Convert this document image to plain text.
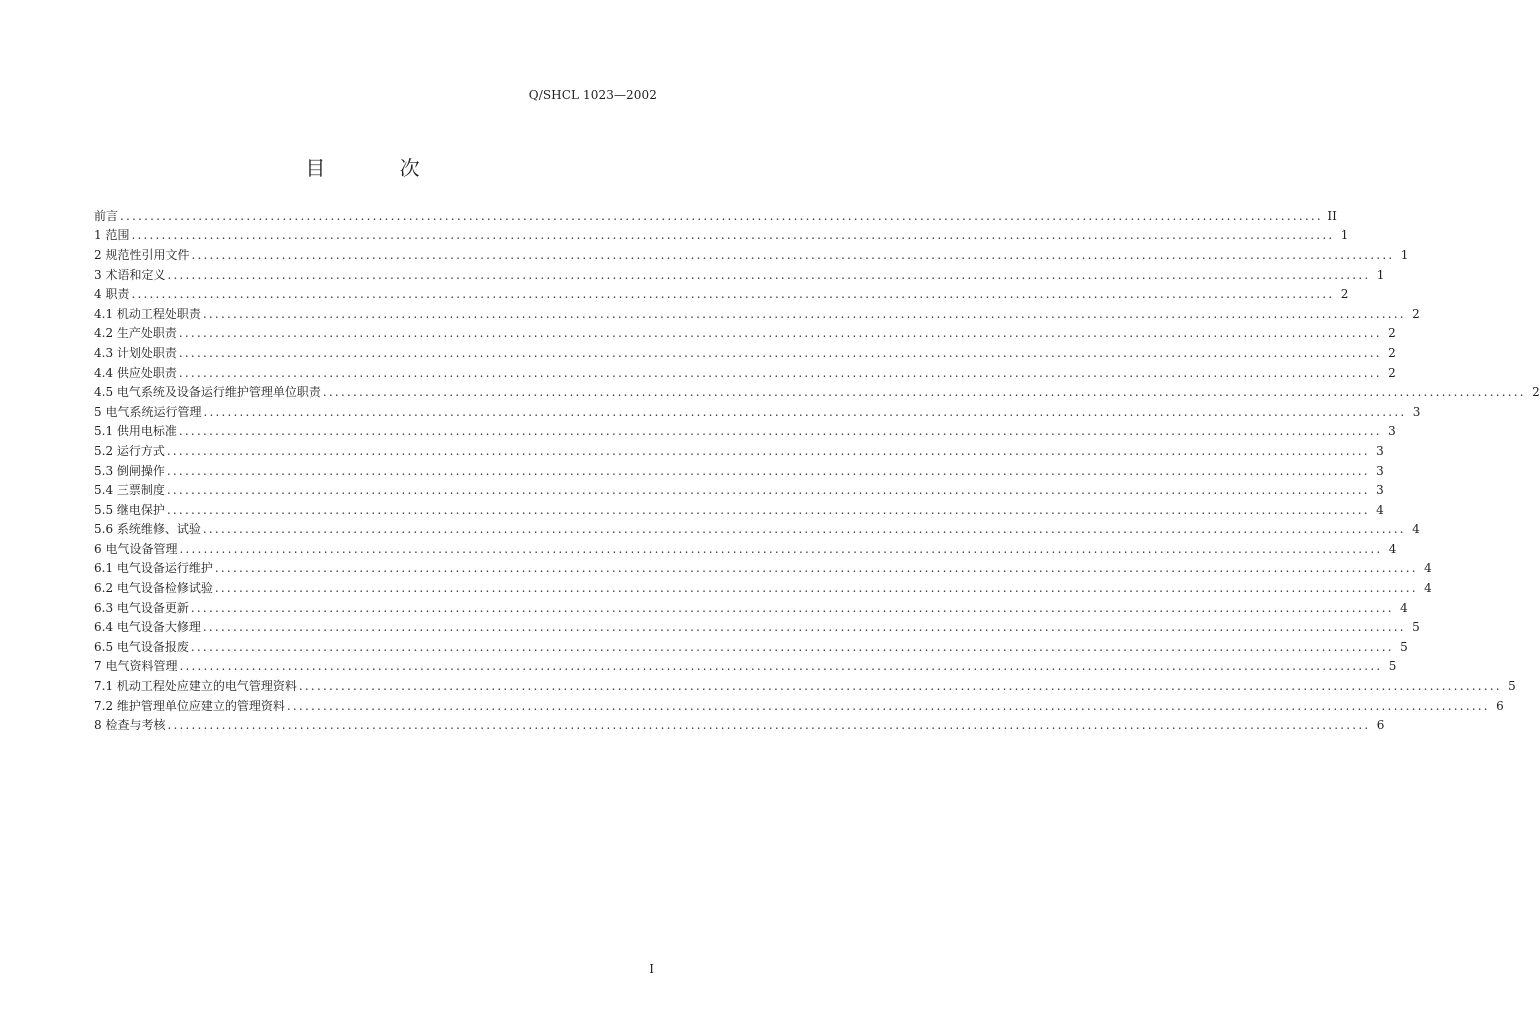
Q/SHCL 1023—2002
目 次
前言 ........................................................................................................................................................................................................ II
1 范围 ........................................................................................................................................................................................................ 1
2 规范性引用文件 ........................................................................................................................................................................................................ 1
3 术语和定义 ........................................................................................................................................................................................................ 1
4 职责 ........................................................................................................................................................................................................ 2
4.1 机动工程处职责 ........................................................................................................................................................................................................ 2
4.2 生产处职责 ........................................................................................................................................................................................................ 2
4.3 计划处职责 ........................................................................................................................................................................................................ 2
4.4 供应处职责 ........................................................................................................................................................................................................ 2
4.5 电气系统及设备运行维护管理单位职责 ........................................................................................................................................................................................................ 2
5 电气系统运行管理 ........................................................................................................................................................................................................ 3
5.1 供用电标准 ........................................................................................................................................................................................................ 3
5.2 运行方式 ........................................................................................................................................................................................................ 3
5.3 倒闸操作 ........................................................................................................................................................................................................ 3
5.4 三票制度 ........................................................................................................................................................................................................ 3
5.5 继电保护 ........................................................................................................................................................................................................ 4
5.6 系统维修、试验 ........................................................................................................................................................................................................ 4
6 电气设备管理 ........................................................................................................................................................................................................ 4
6.1 电气设备运行维护 ........................................................................................................................................................................................................ 4
6.2 电气设备检修试验 ........................................................................................................................................................................................................ 4
6.3 电气设备更新 ........................................................................................................................................................................................................ 4
6.4 电气设备大修理 ........................................................................................................................................................................................................ 5
6.5 电气设备报废 ........................................................................................................................................................................................................ 5
7 电气资料管理 ........................................................................................................................................................................................................ 5
7.1 机动工程处应建立的电气管理资料 ........................................................................................................................................................................................................ 5
7.2 维护管理单位应建立的管理资料 ........................................................................................................................................................................................................ 6
8 检查与考核 ........................................................................................................................................................................................................ 6
I
